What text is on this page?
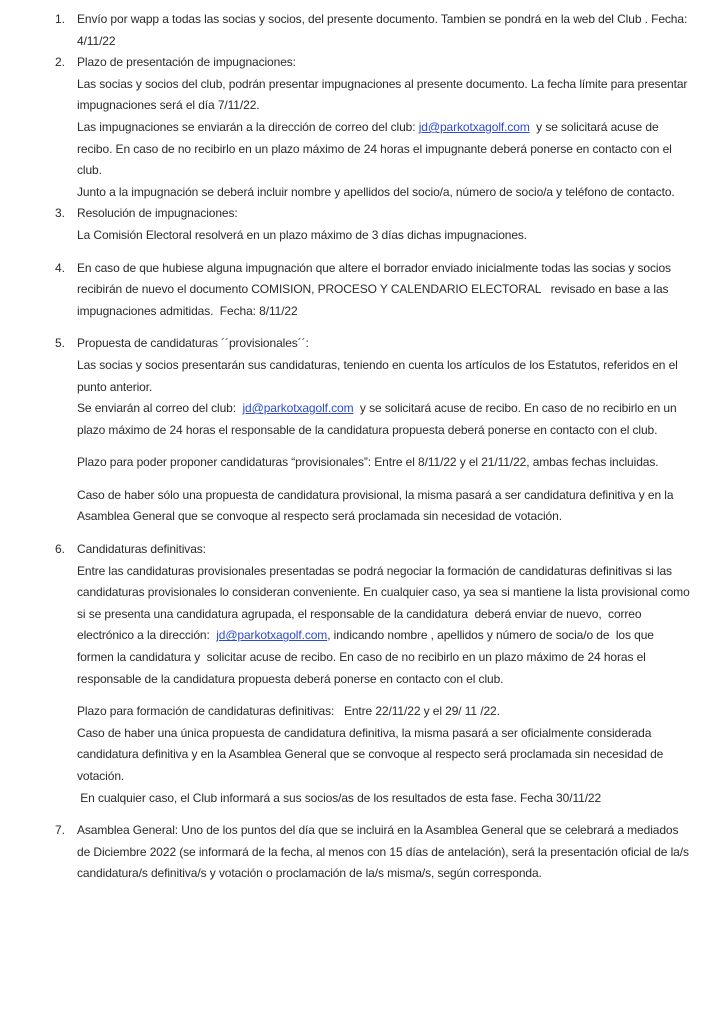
1.	Envío por wapp a todas las socias y socios, del presente documento. Tambien se pondrá en la web del Club . Fecha: 4/11/22
2.	Plazo de presentación de impugnaciones:
Las socias y socios del club, podrán presentar impugnaciones al presente documento. La fecha límite para presentar impugnaciones será el día 7/11/22.
Las impugnaciones se enviarán a la dirección de correo del club: jd@parkotxagolf.com  y se solicitará acuse de recibo. En caso de no recibirlo en un plazo máximo de 24 horas el impugnante deberá ponerse en contacto con el club.
Junto a la impugnación se deberá incluir nombre y apellidos del socio/a, número de socio/a y teléfono de contacto.
3.	Resolución de impugnaciones:
La Comisión Electoral resolverá en un plazo máximo de 3 días dichas impugnaciones.
4.	En caso de que hubiese alguna impugnación que altere el borrador enviado inicialmente todas las socias y socios recibirán de nuevo el documento COMISION, PROCESO Y CALENDARIO ELECTORAL   revisado en base a las impugnaciones admitidas.  Fecha: 8/11/22
5.	Propuesta de candidaturas ´´provisionales´´:
Las socias y socios presentarán sus candidaturas, teniendo en cuenta los artículos de los Estatutos, referidos en el punto anterior.
Se enviarán al correo del club:  jd@parkotxagolf.com  y se solicitará acuse de recibo. En caso de no recibirlo en un plazo máximo de 24 horas el responsable de la candidatura propuesta deberá ponerse en contacto con el club.
Plazo para poder proponer candidaturas “provisionales”: Entre el 8/11/22 y el 21/11/22, ambas fechas incluidas.
Caso de haber sólo una propuesta de candidatura provisional, la misma pasará a ser candidatura definitiva y en la Asamblea General que se convoque al respecto será proclamada sin necesidad de votación.
6.	Candidaturas definitivas:
Entre las candidaturas provisionales presentadas se podrá negociar la formación de candidaturas definitivas si las candidaturas provisionales lo consideran conveniente. En cualquier caso, ya sea si mantiene la lista provisional como si se presenta una candidatura agrupada, el responsable de la candidatura  deberá enviar de nuevo,  correo electrónico a la dirección:  jd@parkotxagolf.com, indicando nombre , apellidos y número de socia/o de  los que formen la candidatura y  solicitar acuse de recibo. En caso de no recibirlo en un plazo máximo de 24 horas el responsable de la candidatura propuesta deberá ponerse en contacto con el club.
Plazo para formación de candidaturas definitivas:   Entre 22/11/22 y el 29/ 11 /22.
Caso de haber una única propuesta de candidatura definitiva, la misma pasará a ser oficialmente considerada candidatura definitiva y en la Asamblea General que se convoque al respecto será proclamada sin necesidad de votación.
En cualquier caso, el Club informará a sus socios/as de los resultados de esta fase. Fecha 30/11/22
7.	Asamblea General: Uno de los puntos del día que se incluirá en la Asamblea General que se celebrará a mediados de Diciembre 2022 (se informará de la fecha, al menos con 15 días de antelación), será la presentación oficial de la/s candidatura/s definitiva/s y votación o proclamación de la/s misma/s, según corresponda.
